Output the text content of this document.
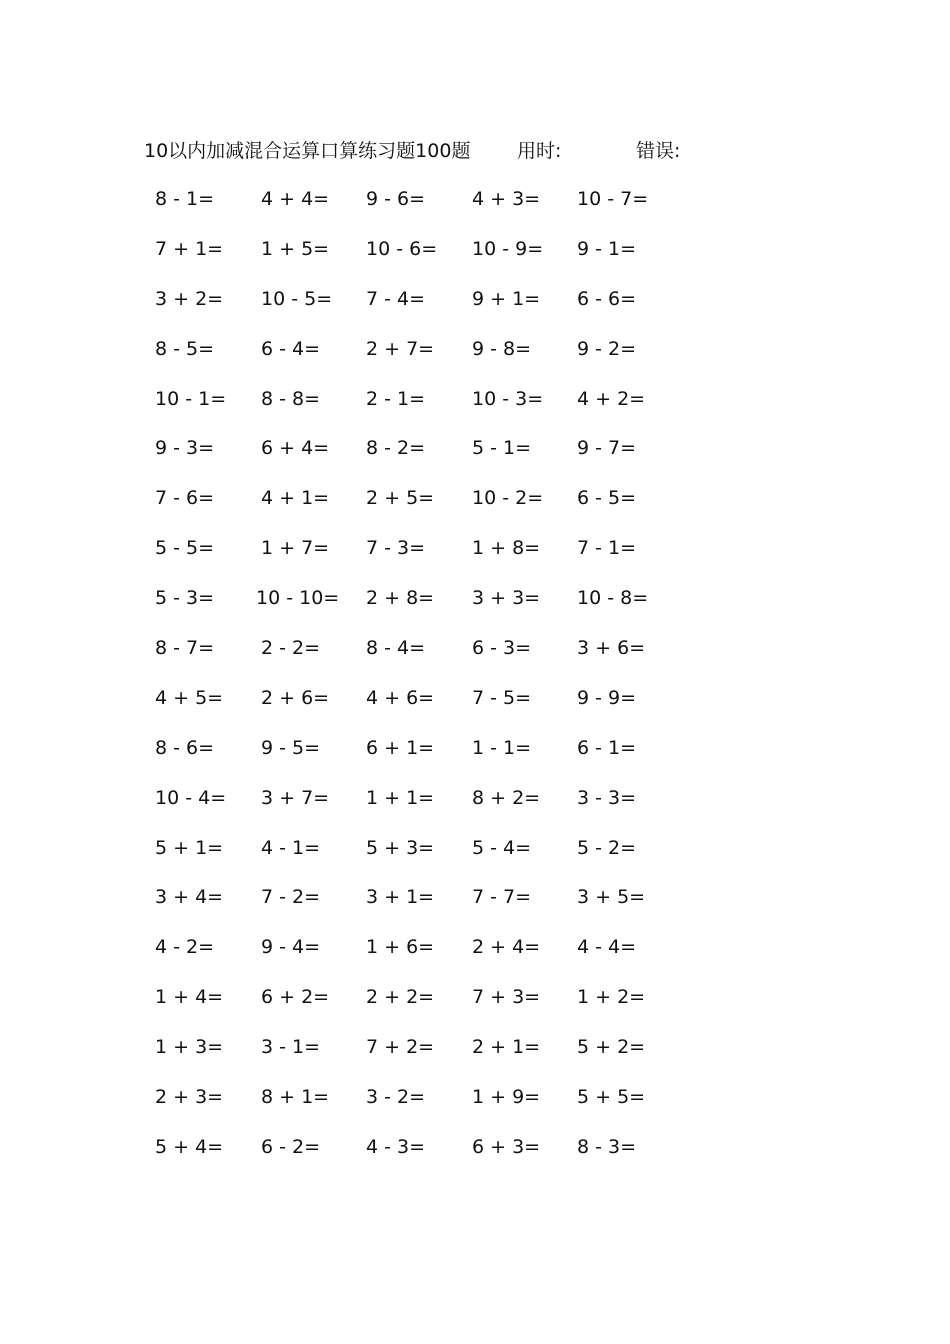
10以内加减混合运算口算练习题100题 用时:	错误:
8 - 1=	4 + 4=	9 - 6=	4 + 3=	10 - 7=
7 + 1=	1 + 5=	10 - 6=	10 - 9=	9 - 1=
3 + 2=	10 - 5=	7 - 4=	9 + 1=	6 - 6=
8 - 5=	6 - 4=	2 + 7=	9 - 8=	9 - 2=
10 - 1=	8 - 8=	2 - 1=	10 - 3=	4 + 2=
9 - 3=	6 + 4=	8 - 2=	5 - 1=	9 - 7=
7 - 6=	4 + 1=	2 + 5=	10 - 2=	6 - 5=
5 - 5=	1 + 7=	7 - 3=	1 + 8=	7 - 1=
5 - 3=	10 - 10=	2 + 8=	3 + 3=	10 - 8=
8 - 7=	2 - 2=	8 - 4=	6 - 3=	3 + 6=
4 + 5=	2 + 6=	4 + 6=	7 - 5=	9 - 9=
8 - 6=	9 - 5=	6 + 1=	1 - 1=	6 - 1=
10 - 4=	3 + 7=	1 + 1=	8 + 2=	3 - 3=
5 + 1=	4 - 1=	5 + 3=	5 - 4=	5 - 2=
3 + 4=	7 - 2=	3 + 1=	7 - 7=	3 + 5=
4 - 2=	9 - 4=	1 + 6=	2 + 4=	4 - 4=
1 + 4=	6 + 2=	2 + 2=	7 + 3=	1 + 2=
1 + 3=	3 - 1=	7 + 2=	2 + 1=	5 + 2=
2 + 3=	8 + 1=	3 - 2=	1 + 9=	5 + 5=
5 + 4=	6 - 2=	4 - 3=	6 + 3=	8 - 3=
